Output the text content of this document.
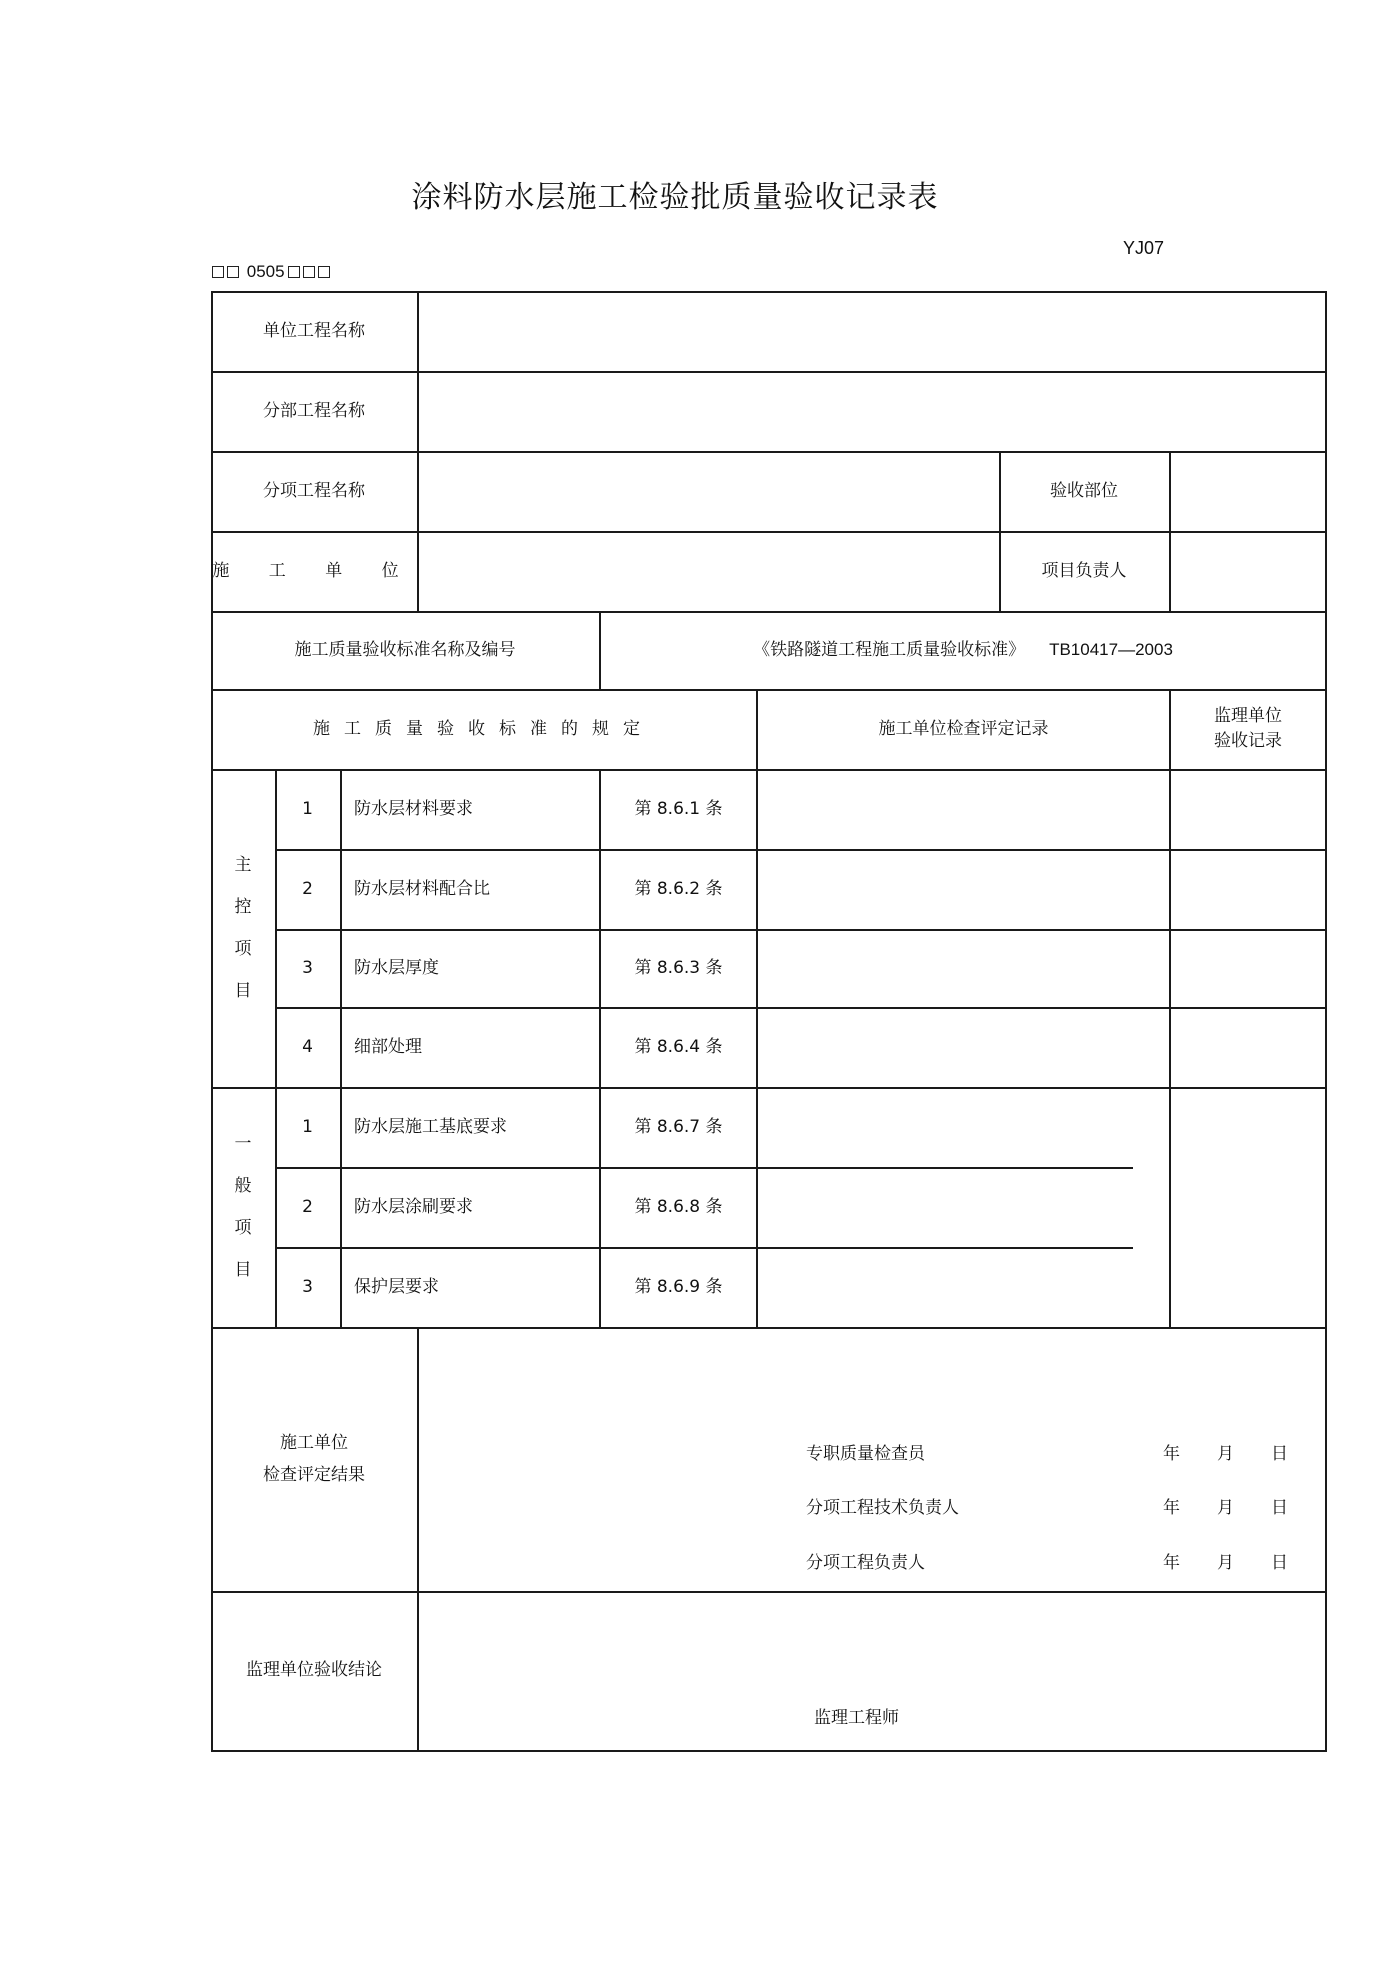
涂料防水层施工检验批质量验收记录表
YJ07
0505
单位工程名称
分部工程名称
分项工程名称	验收部位
施 工 单 位	项目负责人
施工质量验收标准名称及编号	《铁路隧道工程施工质量验收标准》 TB10417—2003
施工质量验收标准的规定	施工单位检查评定记录
监理单位
验收记录
主
控
项
目
1	防水层材料要求	第 8.6.1 条
2	防水层材料配合比	第 8.6.2 条
3	防水层厚度	第 8.6.3 条
4	细部处理	第 8.6.4 条
一
般
项
目
1	防水层施工基底要求	第 8.6.7 条
2	防水层涂刷要求	第 8.6.8 条
3	保护层要求	第 8.6.9 条
施工单位
检查评定结果
专职质量检查员	年 月 日
分项工程技术负责人	年 月 日
分项工程负责人	年 月 日
监理单位验收结论
监理工程师
